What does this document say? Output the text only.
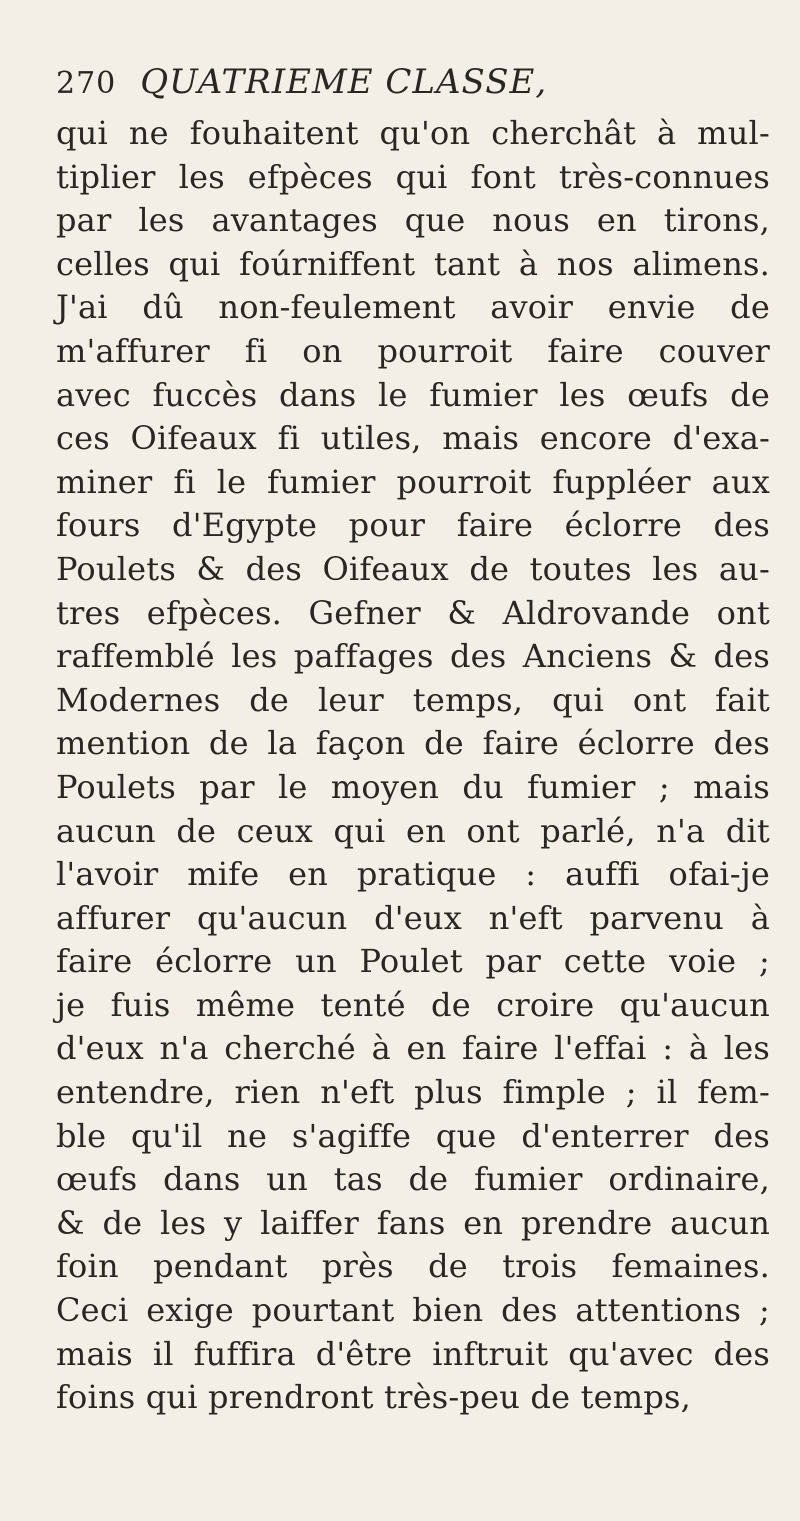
270 QUATRIEME CLASSE,
qui ne fouhaitent qu'on cherchât à mul-
tiplier les efpèces qui font très-connues
par les avantages que nous en tirons,
celles qui foúrniffent tant à nos alimens.
J'ai dû non-feulement avoir envie de
m'affurer fi on pourroit faire couver
avec fuccès dans le fumier les œufs de
ces Oifeaux fi utiles, mais encore d'exa-
miner fi le fumier pourroit fuppléer aux
fours d'Egypte pour faire éclorre des
Poulets & des Oifeaux de toutes les au-
tres efpèces. Gefner & Aldrovande ont
raffemblé les paffages des Anciens & des
Modernes de leur temps, qui ont fait
mention de la façon de faire éclorre des
Poulets par le moyen du fumier ; mais
aucun de ceux qui en ont parlé, n'a dit
l'avoir mife en pratique : auffi ofai-je
affurer qu'aucun d'eux n'eft parvenu à
faire éclorre un Poulet par cette voie ;
je fuis même tenté de croire qu'aucun
d'eux n'a cherché à en faire l'effai : à les
entendre, rien n'eft plus fimple ; il fem-
ble qu'il ne s'agiffe que d'enterrer des
œufs dans un tas de fumier ordinaire,
& de les y laiffer fans en prendre aucun
foin pendant près de trois femaines.
Ceci exige pourtant bien des attentions ;
mais il fuffira d'être inftruit qu'avec des
foins qui prendront très-peu de temps,
